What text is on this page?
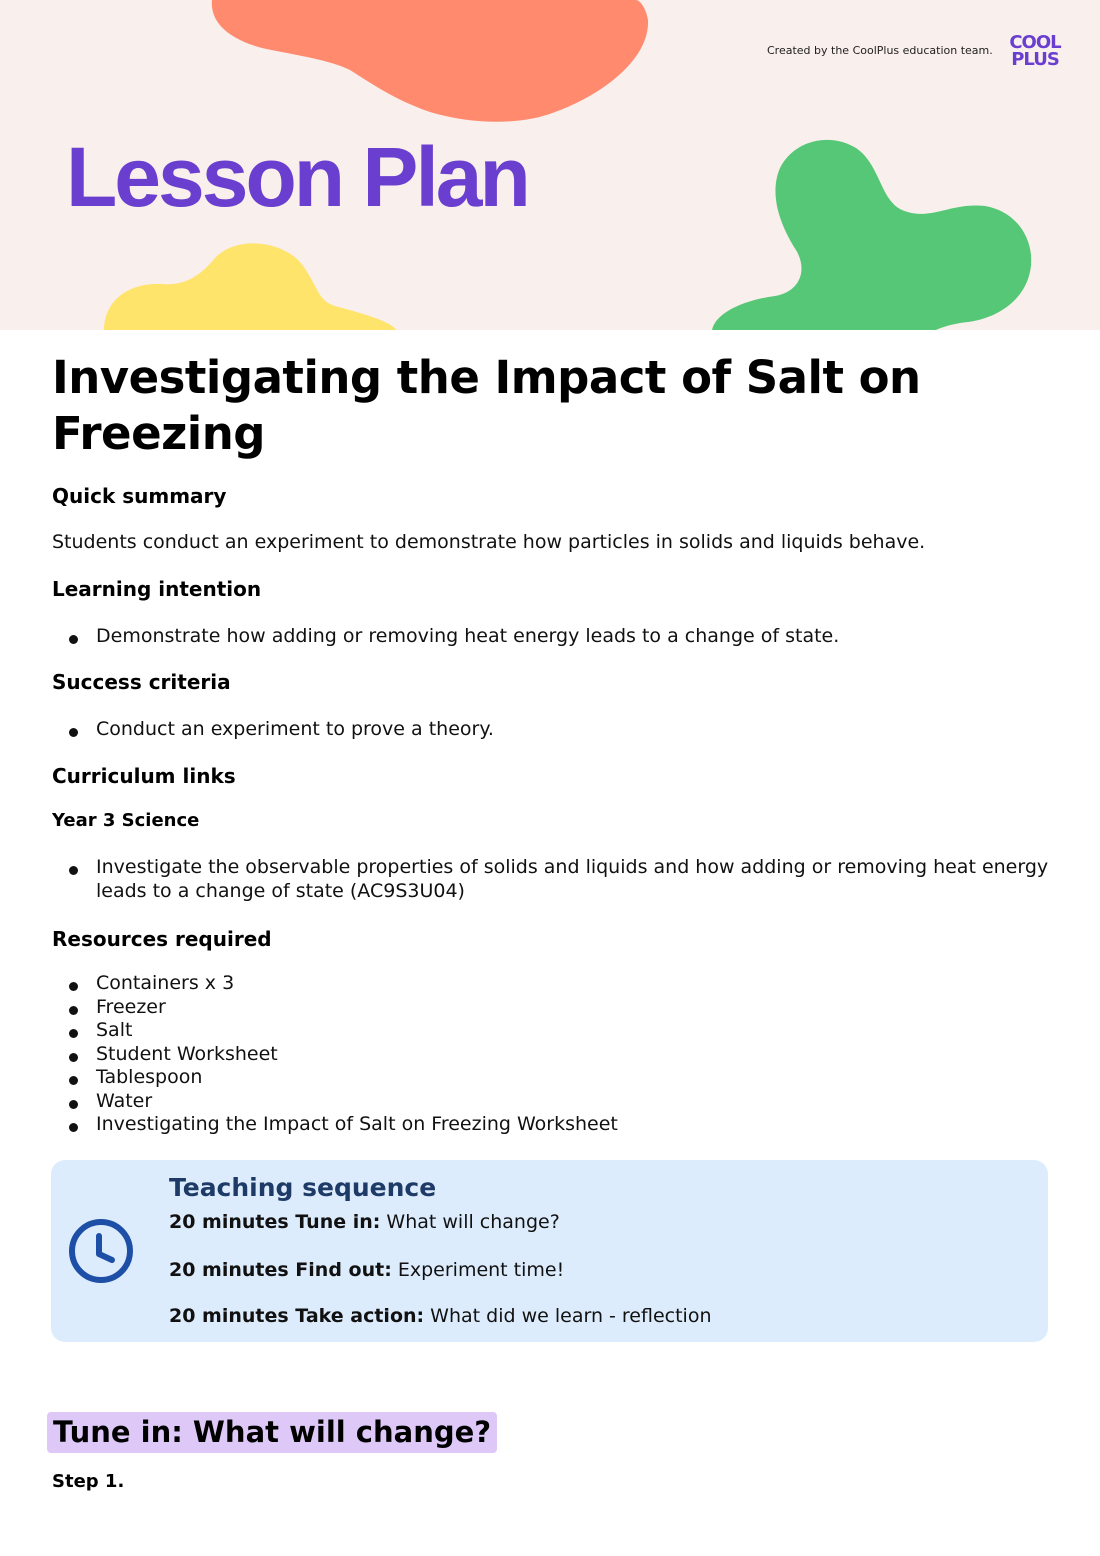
Created by the CoolPlus education team. COOL
PLUS
Lesson Plan
Investigating the Impact of Salt on
Freezing
Quick summary
Students conduct an experiment to demonstrate how particles in solids and liquids behave.
Learning intention
Demonstrate how adding or removing heat energy leads to a change of state.
Success criteria
Conduct an experiment to prove a theory.
Curriculum links
Year 3 Science
Investigate the observable properties of solids and liquids and how adding or removing heat energy leads to a change of state (AC9S3U04)
Resources required
Containers x 3
Freezer
Salt
Student Worksheet
Tablespoon
Water
Investigating the Impact of Salt on Freezing Worksheet
Teaching sequence
20 minutes Tune in: What will change?
20 minutes Find out: Experiment time!
20 minutes Take action: What did we learn - reflection
Tune in: What will change?
Step 1.
